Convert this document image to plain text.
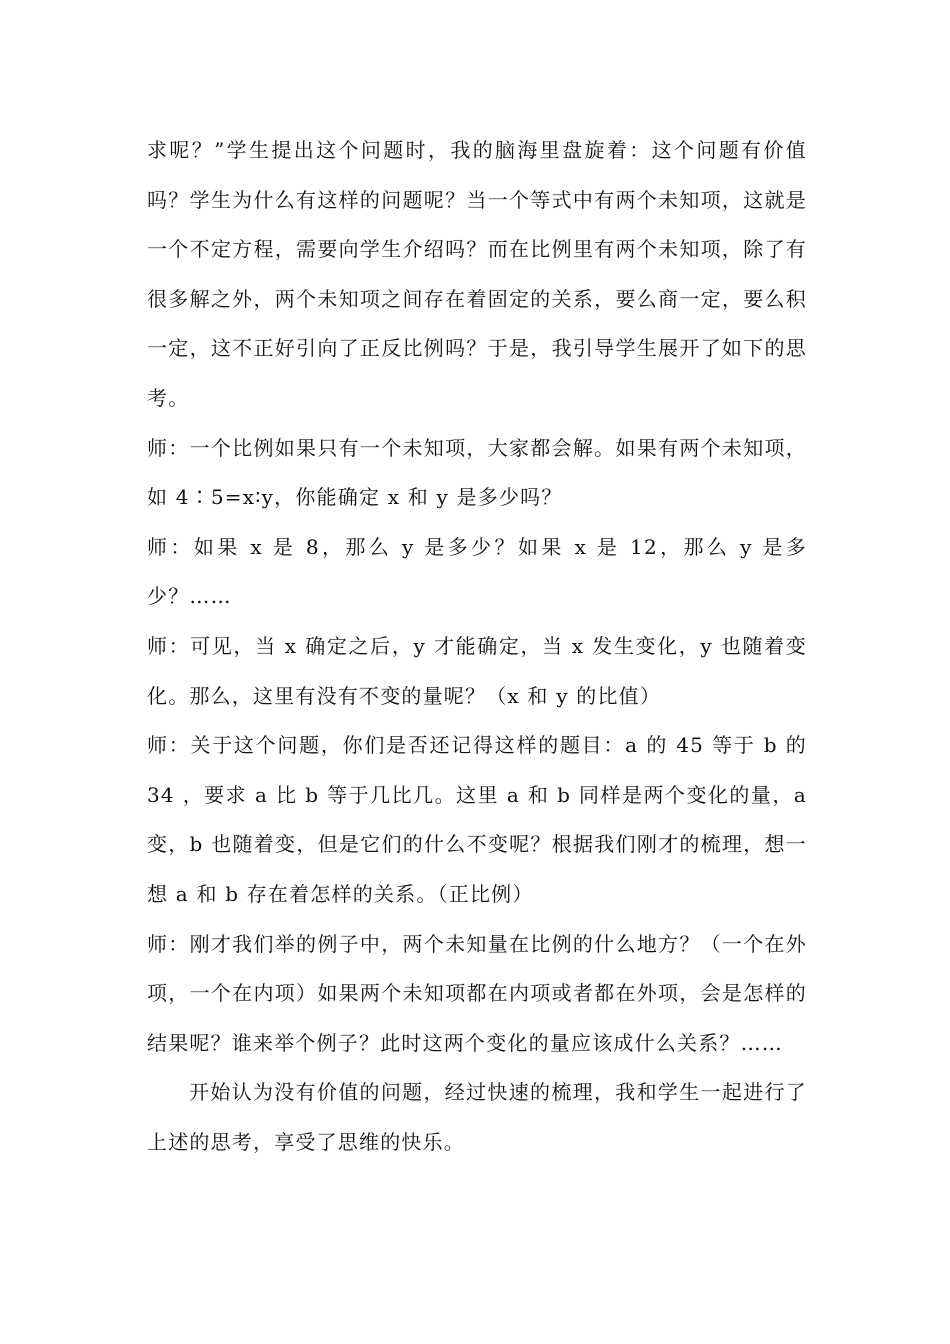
求呢？”学生提出这个问题时，我的脑海里盘旋着：这个问题有价值吗？学生为什么有这样的问题呢？当一个等式中有两个未知项，这就是一个不定方程，需要向学生介绍吗？而在比例里有两个未知项，除了有很多解之外，两个未知项之间存在着固定的关系，要么商一定，要么积一定，这不正好引向了正反比例吗？于是，我引导学生展开了如下的思考。

师：一个比例如果只有一个未知项，大家都会解。如果有两个未知项，如 4∶5=x∶y，你能确定 x 和 y 是多少吗？

师：如果 x 是 8，那么 y 是多少？如果 x 是 12，那么 y 是多少？……

师：可见，当 x 确定之后，y 才能确定，当 x 发生变化，y 也随着变化。那么，这里有没有不变的量呢？（x 和 y 的比值）

师：关于这个问题，你们是否还记得这样的题目：a 的 45 等于 b 的 34 ，要求 a 比 b 等于几比几。这里 a 和 b 同样是两个变化的量，a 变，b 也随着变，但是它们的什么不变呢？根据我们刚才的梳理，想一想 a 和 b 存在着怎样的关系。（正比例）

师：刚才我们举的例子中，两个未知量在比例的什么地方？（一个在外项，一个在内项）如果两个未知项都在内项或者都在外项，会是怎样的结果呢？谁来举个例子？此时这两个变化的量应该成什么关系？……

开始认为没有价值的问题，经过快速的梳理，我和学生一起进行了上述的思考，享受了思维的快乐。
